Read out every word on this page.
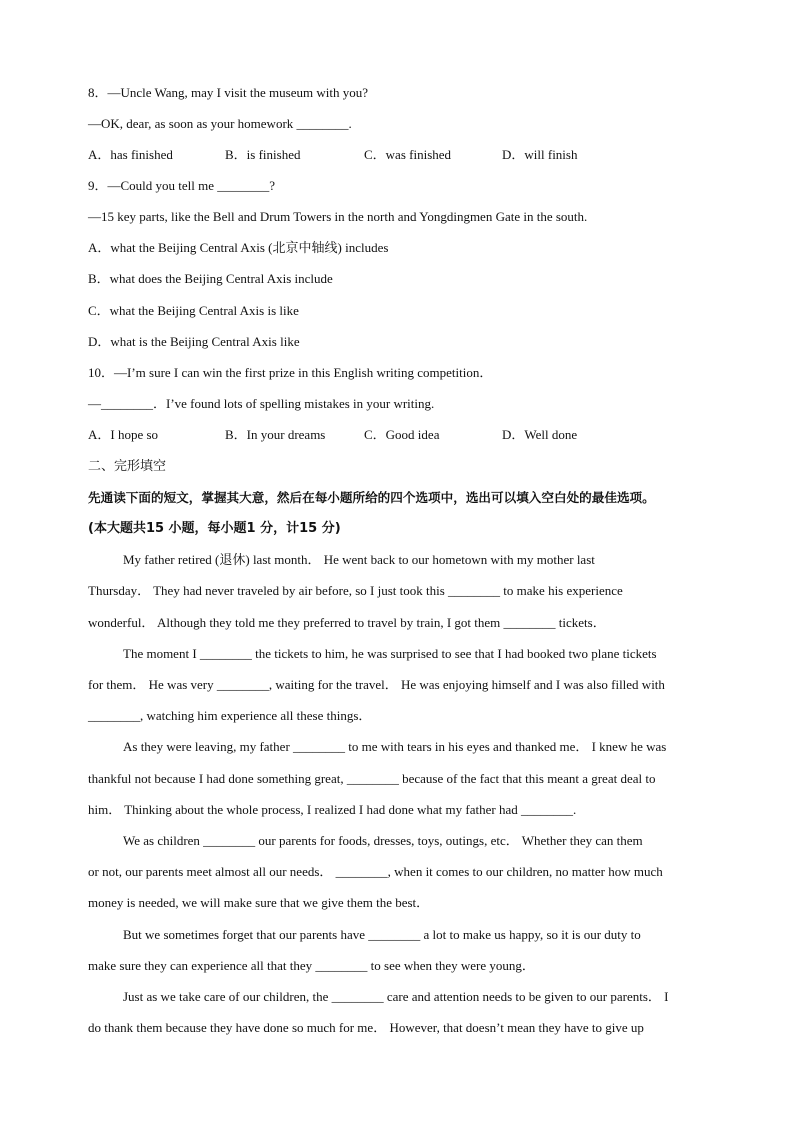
8．—Uncle Wang, may I visit the museum with you?
—OK, dear, as soon as your homework ________.
A．has finished	B．is finished	C．was finished	D．will finish
9．—Could you tell me ________?
—15 key parts, like the Bell and Drum Towers in the north and Yongdingmen Gate in the south.
A．what the Beijing Central Axis (北京中轴线) includes
B．what does the Beijing Central Axis include
C．what the Beijing Central Axis is like
D．what is the Beijing Central Axis like
10．—I’m sure I can win the first prize in this English writing competition．
—________．I’ve found lots of spelling mistakes in your writing.
A．I hope so	B．In your dreams	C．Good idea	D．Well done
二、完形填空
先通读下面的短文，掌握其大意，然后在每小题所给的四个选项中，选出可以填入空白处的最佳选项。
(本大题共15 小题，每小题1 分，计15 分)
My father retired (退休) last month． He went back to our hometown with my mother last
Thursday． They had never traveled by air before, so I just took this ________ to make his experience
wonderful． Although they told me they preferred to travel by train, I got them ________ tickets．
The moment I ________ the tickets to him, he was surprised to see that I had booked two plane tickets
for them． He was very ________, waiting for the travel． He was enjoying himself and I was also filled with
________, watching him experience all these things．
As they were leaving, my father ________ to me with tears in his eyes and thanked me． I knew he was
thankful not because I had done something great, ________ because of the fact that this meant a great deal to
him． Thinking about the whole process, I realized I had done what my father had ________.
We as children ________ our parents for foods, dresses, toys, outings, etc． Whether they can them
or not, our parents meet almost all our needs． ________, when it comes to our children, no matter how much
money is needed, we will make sure that we give them the best．
But we sometimes forget that our parents have ________ a lot to make us happy, so it is our duty to
make sure they can experience all that they ________ to see when they were young．
Just as we take care of our children, the ________ care and attention needs to be given to our parents． I
do thank them because they have done so much for me． However, that doesn’t mean they have to give up
